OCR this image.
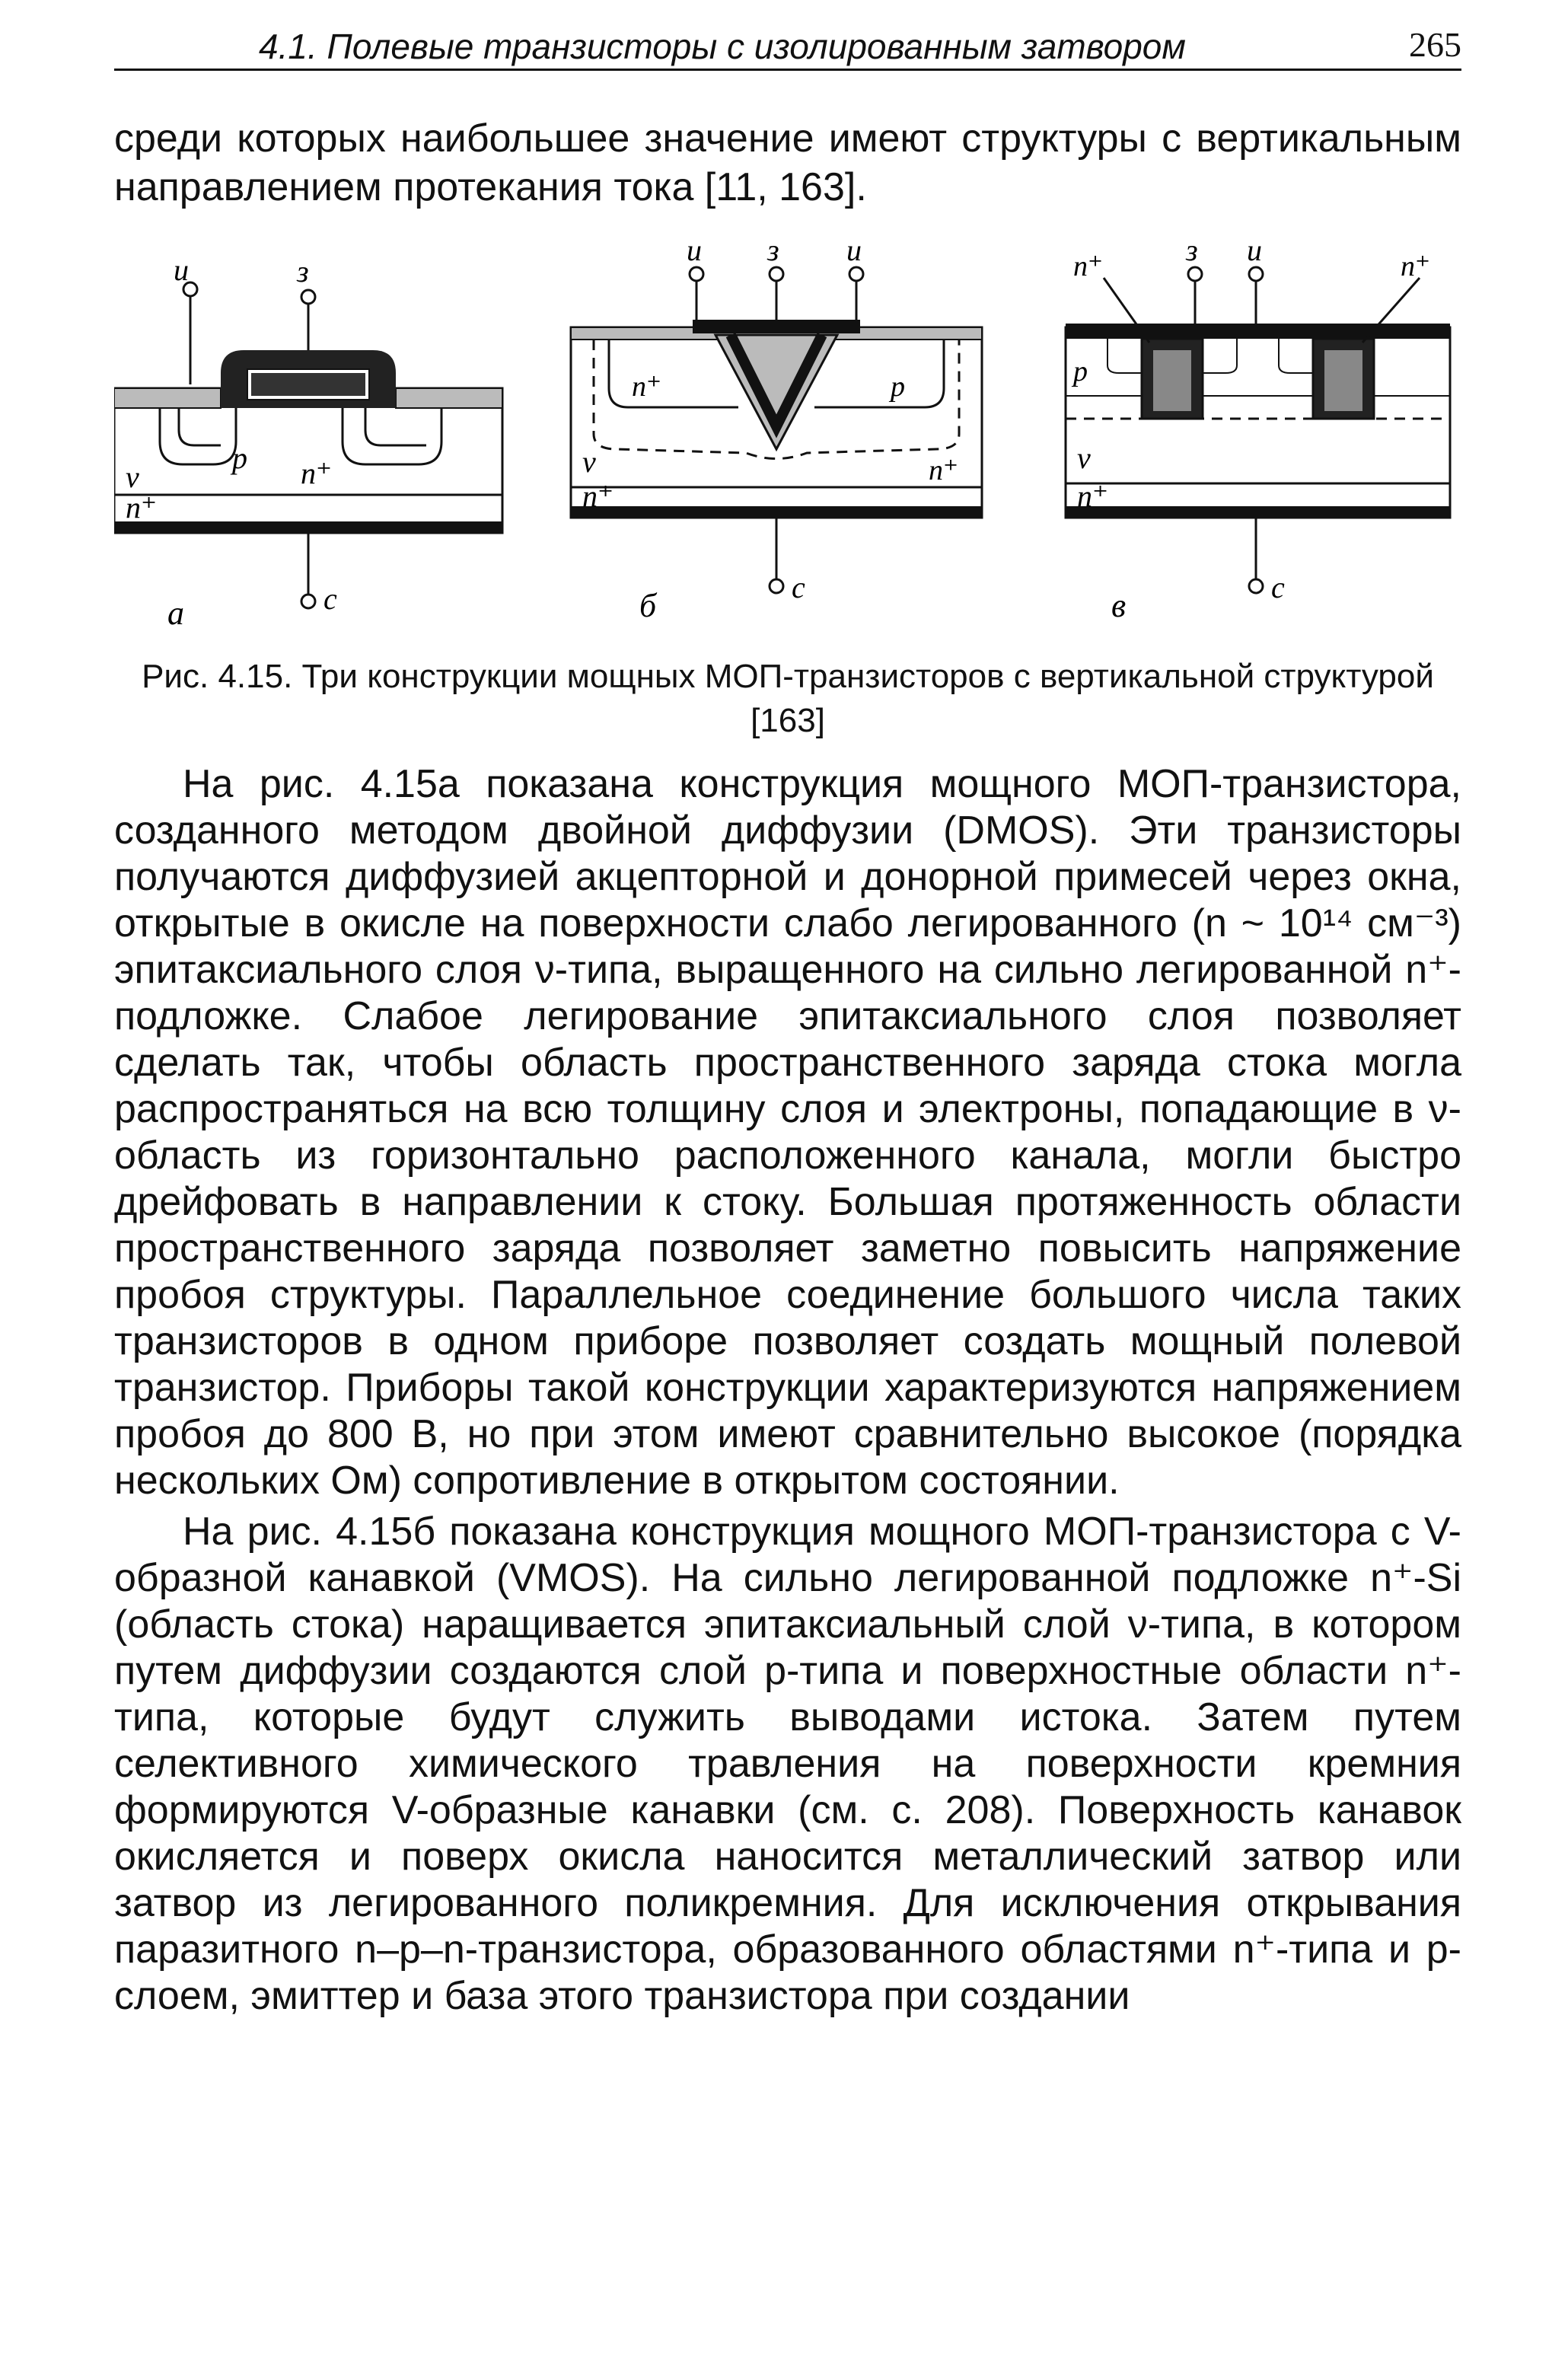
4.1. Полевые транзисторы с изолированным затвором	265
среди которых наибольшее значение имеют структуры с вертикальным направлением протекания тока [11, 163].
и	з
с
p n⁺
ν
n⁺
а
и з и
с
n⁺	p
n⁺
ν
n⁺
б
n⁺	з и	n⁺
с
p
ν
n⁺
в
Рис. 4.15. Три конструкции мощных МОП-транзисторов с вертикальной структурой [163]

На рис. 4.15а показана конструкция мощного МОП-транзистора, созданного методом двойной диффузии (DMOS). Эти транзисторы получаются диффузией акцепторной и донорной примесей через окна, открытые в окисле на поверхности слабо легированного (n ~ 10¹⁴ см⁻³) эпитаксиального слоя ν-типа, выращенного на сильно легированной n⁺-подложке. Слабое легирование эпитаксиального слоя позволяет сделать так, чтобы область пространственного заряда стока могла распространяться на всю толщину слоя и электроны, попадающие в ν-область из горизонтально расположенного канала, могли быстро дрейфовать в направлении к стоку. Большая протяженность области пространственного заряда позволяет заметно повысить напряжение пробоя структуры. Параллельное соединение большого числа таких транзисторов в одном приборе позволяет создать мощный полевой транзистор. Приборы такой конструкции характеризуются напряжением пробоя до 800 В, но при этом имеют сравнительно высокое (порядка нескольких Ом) сопротивление в открытом состоянии.

На рис. 4.15б показана конструкция мощного МОП-транзистора с V-образной канавкой (VMOS). На сильно легированной подложке n⁺-Si (область стока) наращивается эпитаксиальный слой ν-типа, в котором путем диффузии создаются слой p-типа и поверхностные области n⁺-типа, которые будут служить выводами истока. Затем путем селективного химического травления на поверхности кремния формируются V-образные канавки (см. с. 208). Поверхность канавок окисляется и поверх окисла наносится металлический затвор или затвор из легированного поликремния. Для исключения открывания паразитного n–p–n-транзистора, образованного областями n⁺-типа и p-слоем, эмиттер и база этого транзистора при создании
